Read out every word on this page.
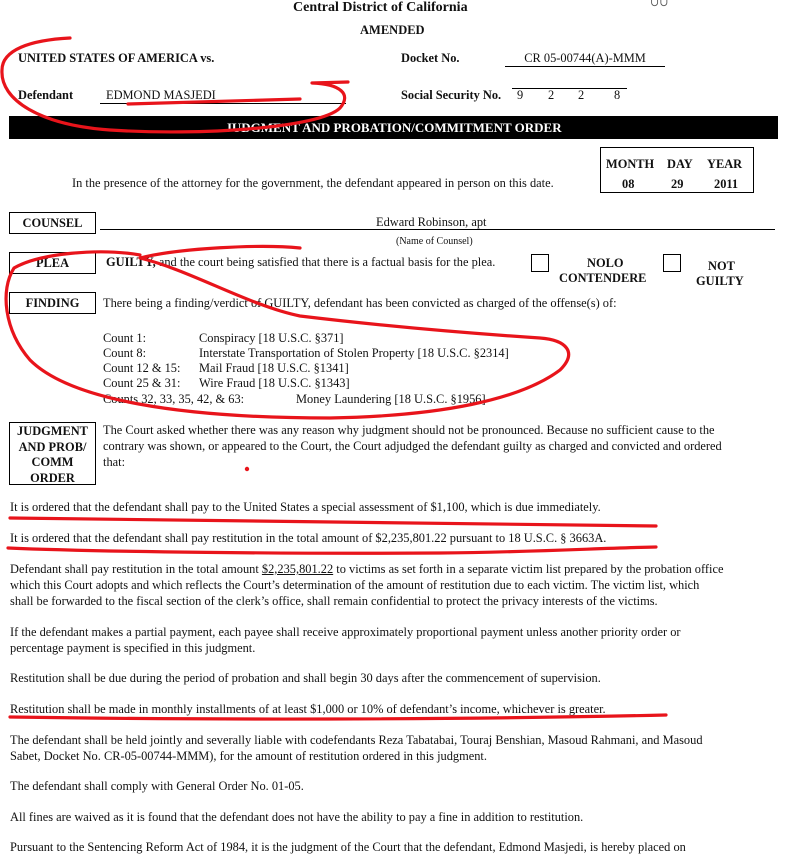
Central District of California	∪∪
AMENDED
UNITED STATES OF AMERICA vs.	Docket No.	CR 05-00744(A)-MMM
Defendant	EDMOND MASJEDI	Social Security No. 9 2 2 8
JUDGMENT AND PROBATION/COMMITMENT ORDER
MONTH DAY YEAR
08	29 2011
In the presence of the attorney for the government, the defendant appeared in person on this date.
COUNSEL	Edward Robinson, apt
(Name of Counsel)
PLEA	GUILTY, and the court being satisfied that there is a factual basis for the plea.	NOLO
CONTENDERE
NOT
GUILTY
FINDING	There being a finding/verdict of GUILTY, defendant has been convicted as charged of the offense(s) of:
Count 1:	Conspiracy [18 U.S.C. §371]
Count 8:	Interstate Transportation of Stolen Property [18 U.S.C. §2314]
Count 12 & 15: Mail Fraud [18 U.S.C. §1341]
Count 25 & 31: Wire Fraud [18 U.S.C. §1343]
Counts 32, 33, 35, 42, & 63:	Money Laundering [18 U.S.C. §1956]
JUDGMENT
AND PROB/
COMM
ORDER
The Court asked whether there was any reason why judgment should not be pronounced. Because no sufficient cause to the
contrary was shown, or appeared to the Court, the Court adjudged the defendant guilty as charged and convicted and ordered
that:
It is ordered that the defendant shall pay to the United States a special assessment of $1,100, which is due immediately.
It is ordered that the defendant shall pay restitution in the total amount of $2,235,801.22 pursuant to 18 U.S.C. § 3663A.
Defendant shall pay restitution in the total amount $2,235,801.22 to victims as set forth in a separate victim list prepared by the probation office
which this Court adopts and which reflects the Court’s determination of the amount of restitution due to each victim. The victim list, which
shall be forwarded to the fiscal section of the clerk’s office, shall remain confidential to protect the privacy interests of the victims.
If the defendant makes a partial payment, each payee shall receive approximately proportional payment unless another priority order or
percentage payment is specified in this judgment.
Restitution shall be due during the period of probation and shall begin 30 days after the commencement of supervision.
Restitution shall be made in monthly installments of at least $1,000 or 10% of defendant’s income, whichever is greater.
The defendant shall be held jointly and severally liable with codefendants Reza Tabatabai, Touraj Benshian, Masoud Rahmani, and Masoud
Sabet, Docket No. CR-05-00744-MMM), for the amount of restitution ordered in this judgment.
The defendant shall comply with General Order No. 01-05.
All fines are waived as it is found that the defendant does not have the ability to pay a fine in addition to restitution.
Pursuant to the Sentencing Reform Act of 1984, it is the judgment of the Court that the defendant, Edmond Masjedi, is hereby placed on
